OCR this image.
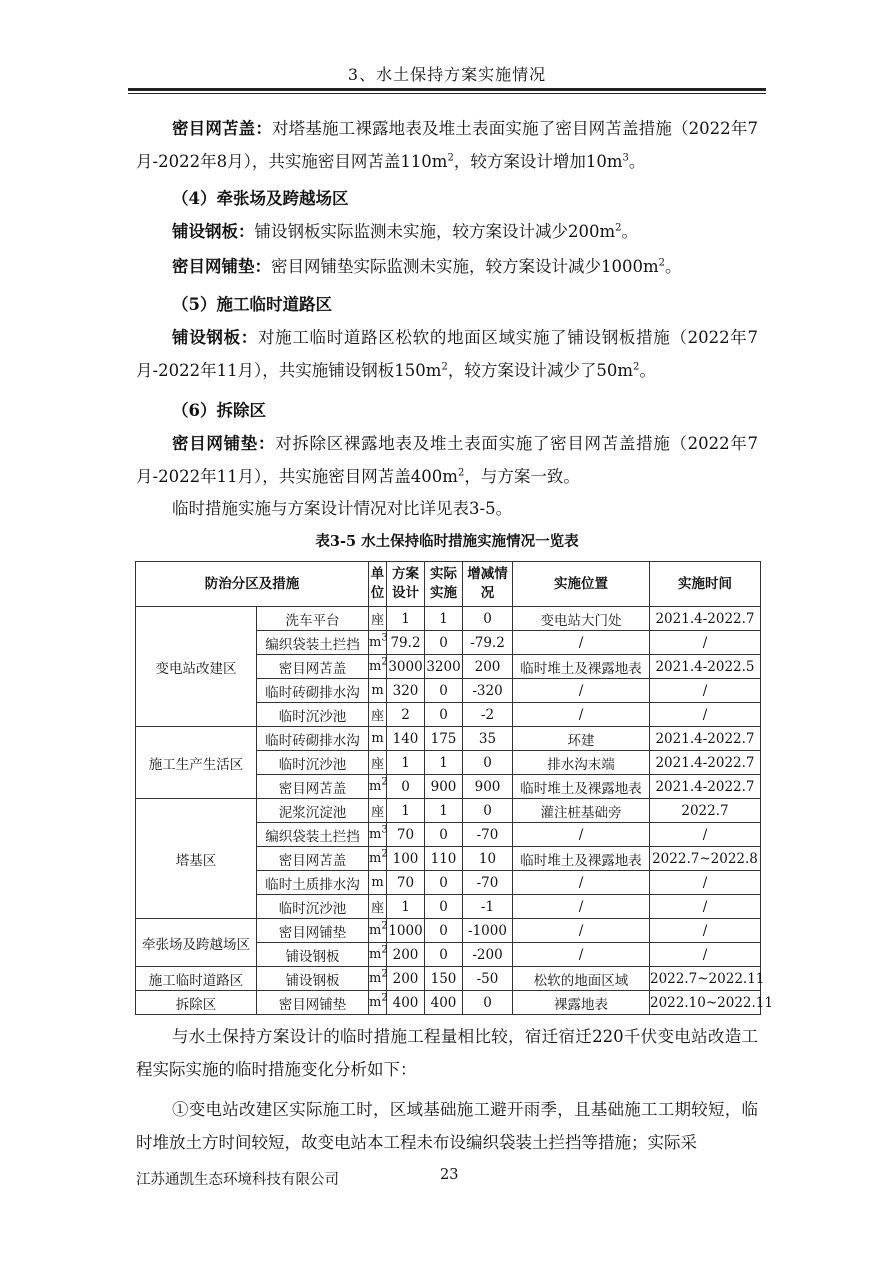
3、水土保持方案实施情况

密目网苫盖：对塔基施工裸露地表及堆土表面实施了密目网苫盖措施（2022年7月-2022年8月），共实施密目网苫盖$110m^2$，较方案设计增加$10m^3$。

（4）牵张场及跨越场区

铺设钢板：铺设钢板实际监测未实施，较方案设计减少$200m^2$。

密目网铺垫：密目网铺垫实际监测未实施，较方案设计减少$1000m^2$。

（5）施工临时道路区

铺设钢板：对施工临时道路区松软的地面区域实施了铺设钢板措施（2022年7月-2022年11月），共实施铺设钢板$150m^2$，较方案设计减少了$50m^2$。

（6）拆除区

密目网铺垫：对拆除区裸露地表及堆土表面实施了密目网苫盖措施（2022年7月-2022年11月），共实施密目网苫盖$400m^2$，与方案一致。

临时措施实施与方案设计情况对比详见表3-5。

表3-5 水土保持临时措施实施情况一览表
防治分区及措施		单位	方案设计	实际实施	增减情况	实施位置	实施时间
变电站改建区	洗车平台	座	1	1	0	变电站大门处	2021.4-2022.7
	编织袋装土拦挡	$m^3$	79.2	0	-79.2	/	/
	密目网苫盖	$m^2$	3000	3200	200	临时堆土及裸露地表	2021.4-2022.5
	临时砖砌排水沟	m	320	0	-320	/	/
	临时沉沙池	座	2	0	-2	/	/
施工生产生活区	临时砖砌排水沟	m	140	175	35	环建	2021.4-2022.7
	临时沉沙池	座	1	1	0	排水沟末端	2021.4-2022.7
	密目网苫盖	$m^2$	0	900	900	临时堆土及裸露地表	2021.4-2022.7
塔基区	泥浆沉淀池	座	1	1	0	灌注桩基础旁	2022.7
	编织袋装土拦挡	$m^3$	70	0	-70	/	/
	密目网苫盖	$m^2$	100	110	10	临时堆土及裸露地表	2022.7~2022.8
	临时土质排水沟	m	70	0	-70	/	/
	临时沉沙池	座	1	0	-1	/	/
牵张场及跨越场区	密目网铺垫	$m^2$	1000	0	-1000	/	/
	铺设钢板	$m^2$	200	0	-200	/	/
施工临时道路区	铺设钢板	$m^2$	200	150	-50	松软的地面区域	2022.7~2022.11
拆除区	密目网铺垫	$m^2$	400	400	0	裸露地表	2022.10~2022.11

与水土保持方案设计的临时措施工程量相比较，宿迁宿迁220千伏变电站改造工程实际实施的临时措施变化分析如下：

①变电站改建区实际施工时，区域基础施工避开雨季，且基础施工工期较短，临时堆放土方时间较短，故变电站本工程未布设编织袋装土拦挡等措施；实际采

江苏通凯生态环境科技有限公司	23
